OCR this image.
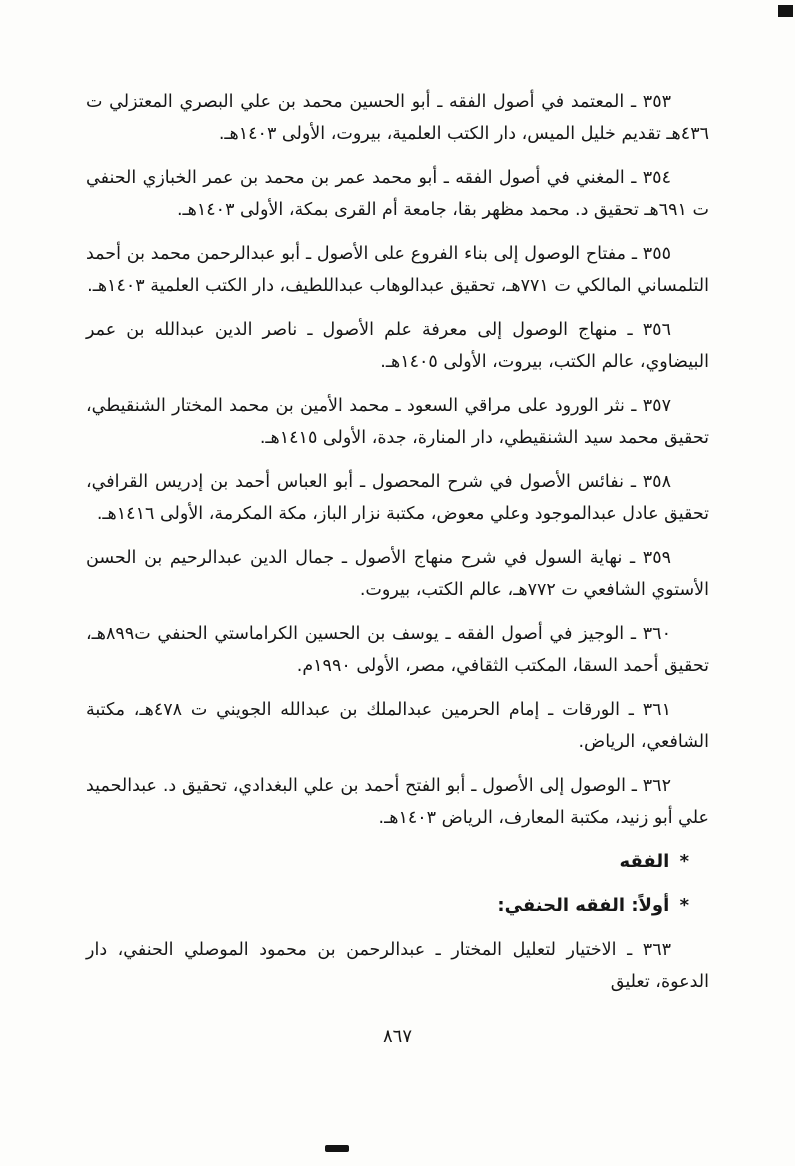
٣٥٣ ـ المعتمد في أصول الفقه ـ أبو الحسين محمد بن علي البصري المعتزلي ت ٤٣٦هـ تقديم خليل الميس، دار الكتب العلمية، بيروت، الأولى ١٤٠٣هـ.

٣٥٤ ـ المغني في أصول الفقه ـ أبو محمد عمر بن محمد بن عمر الخبازي الحنفي ت ٦٩١هـ تحقيق د. محمد مظهر بقا، جامعة أم القرى بمكة، الأولى ١٤٠٣هـ.

٣٥٥ ـ مفتاح الوصول إلى بناء الفروع على الأصول ـ أبو عبدالرحمن محمد بن أحمد التلمساني المالكي ت ٧٧١هـ، تحقيق عبدالوهاب عبداللطيف، دار الكتب العلمية ١٤٠٣هـ.

٣٥٦ ـ منهاج الوصول إلى معرفة علم الأصول ـ ناصر الدين عبدالله بن عمر البيضاوي، عالم الكتب، بيروت، الأولى ١٤٠٥هـ.

٣٥٧ ـ نثر الورود على مراقي السعود ـ محمد الأمين بن محمد المختار الشنقيطي، تحقيق محمد سيد الشنقيطي، دار المنارة، جدة، الأولى ١٤١٥هـ.

٣٥٨ ـ نفائس الأصول في شرح المحصول ـ أبو العباس أحمد بن إدريس القرافي، تحقيق عادل عبدالموجود وعلي معوض، مكتبة نزار الباز، مكة المكرمة، الأولى ١٤١٦هـ.

٣٥٩ ـ نهاية السول في شرح منهاج الأصول ـ جمال الدين عبدالرحيم بن الحسن الأستوي الشافعي ت ٧٧٢هـ، عالم الكتب، بيروت.

٣٦٠ ـ الوجيز في أصول الفقه ـ يوسف بن الحسين الكراماستي الحنفي ت٨٩٩هـ، تحقيق أحمد السقا، المكتب الثقافي، مصر، الأولى ١٩٩٠م.

٣٦١ ـ الورقات ـ إمام الحرمين عبدالملك بن عبدالله الجويني ت ٤٧٨هـ، مكتبة الشافعي، الرياض.

٣٦٢ ـ الوصول إلى الأصول ـ أبو الفتح أحمد بن علي البغدادي، تحقيق د. عبدالحميد علي أبو زنيد، مكتبة المعارف، الرياض ١٤٠٣هـ.

* الفقه

* أولاً: الفقه الحنفي:

٣٦٣ ـ الاختيار لتعليل المختار ـ عبدالرحمن بن محمود الموصلي الحنفي، دار الدعوة، تعليق

٨٦٧
